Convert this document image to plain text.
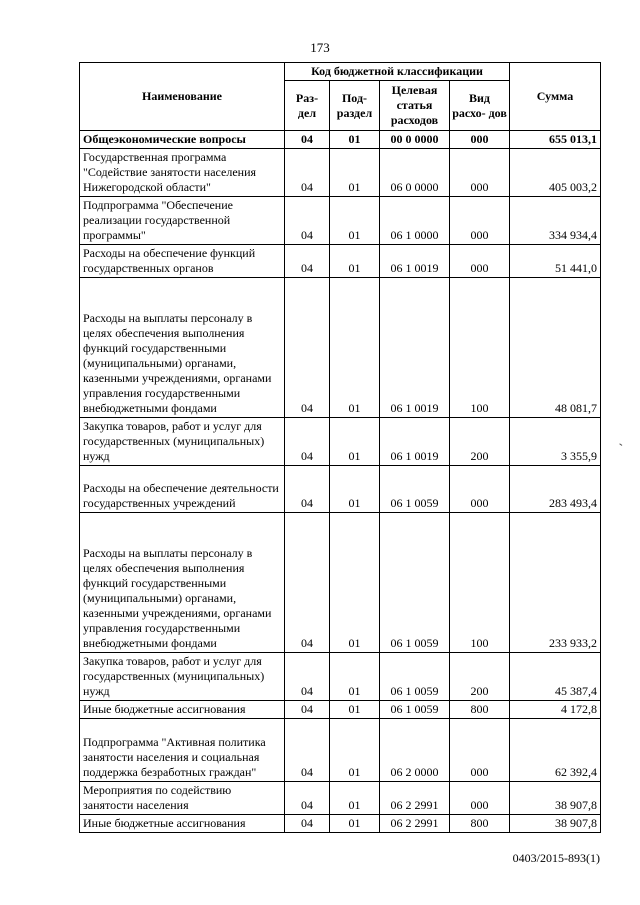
173
Наименование	Код бюджетной классификации				Сумма
	Раз- дел	Под- раздел	Целевая статья расходов	Вид расхо- дов	
Общеэкономические вопросы	04	01	00 0 0000	000	655 013,1
Государственная программа "Содействие занятости населения Нижегородской области"	04	01	06 0 0000	000	405 003,2
Подпрограмма "Обеспечение реализации государственной программы"	04	01	06 1 0000	000	334 934,4
Расходы на обеспечение функций государственных органов	04	01	06 1 0019	000	51 441,0
Расходы на выплаты персоналу в целях обеспечения выполнения функций государственными (муниципальными) органами, казенными учреждениями, органами управления государственными внебюджетными фондами	04	01	06 1 0019	100	48 081,7
Закупка товаров, работ и услуг для государственных (муниципальных) нужд	04	01	06 1 0019	200	3 355,9
Расходы на обеспечение деятельности государственных учреждений	04	01	06 1 0059	000	283 493,4
Расходы на выплаты персоналу в целях обеспечения выполнения функций государственными (муниципальными) органами, казенными учреждениями, органами управления государственными внебюджетными фондами	04	01	06 1 0059	100	233 933,2
Закупка товаров, работ и услуг для государственных (муниципальных) нужд	04	01	06 1 0059	200	45 387,4
Иные бюджетные ассигнования	04	01	06 1 0059	800	4 172,8
Подпрограмма "Активная политика занятости населения и социальная поддержка безработных граждан"	04	01	06 2 0000	000	62 392,4
Мероприятия по содействию занятости населения	04	01	06 2 2991	000	38 907,8
Иные бюджетные ассигнования	04	01	06 2 2991	800	38 907,8
0403/2015-893(1)
